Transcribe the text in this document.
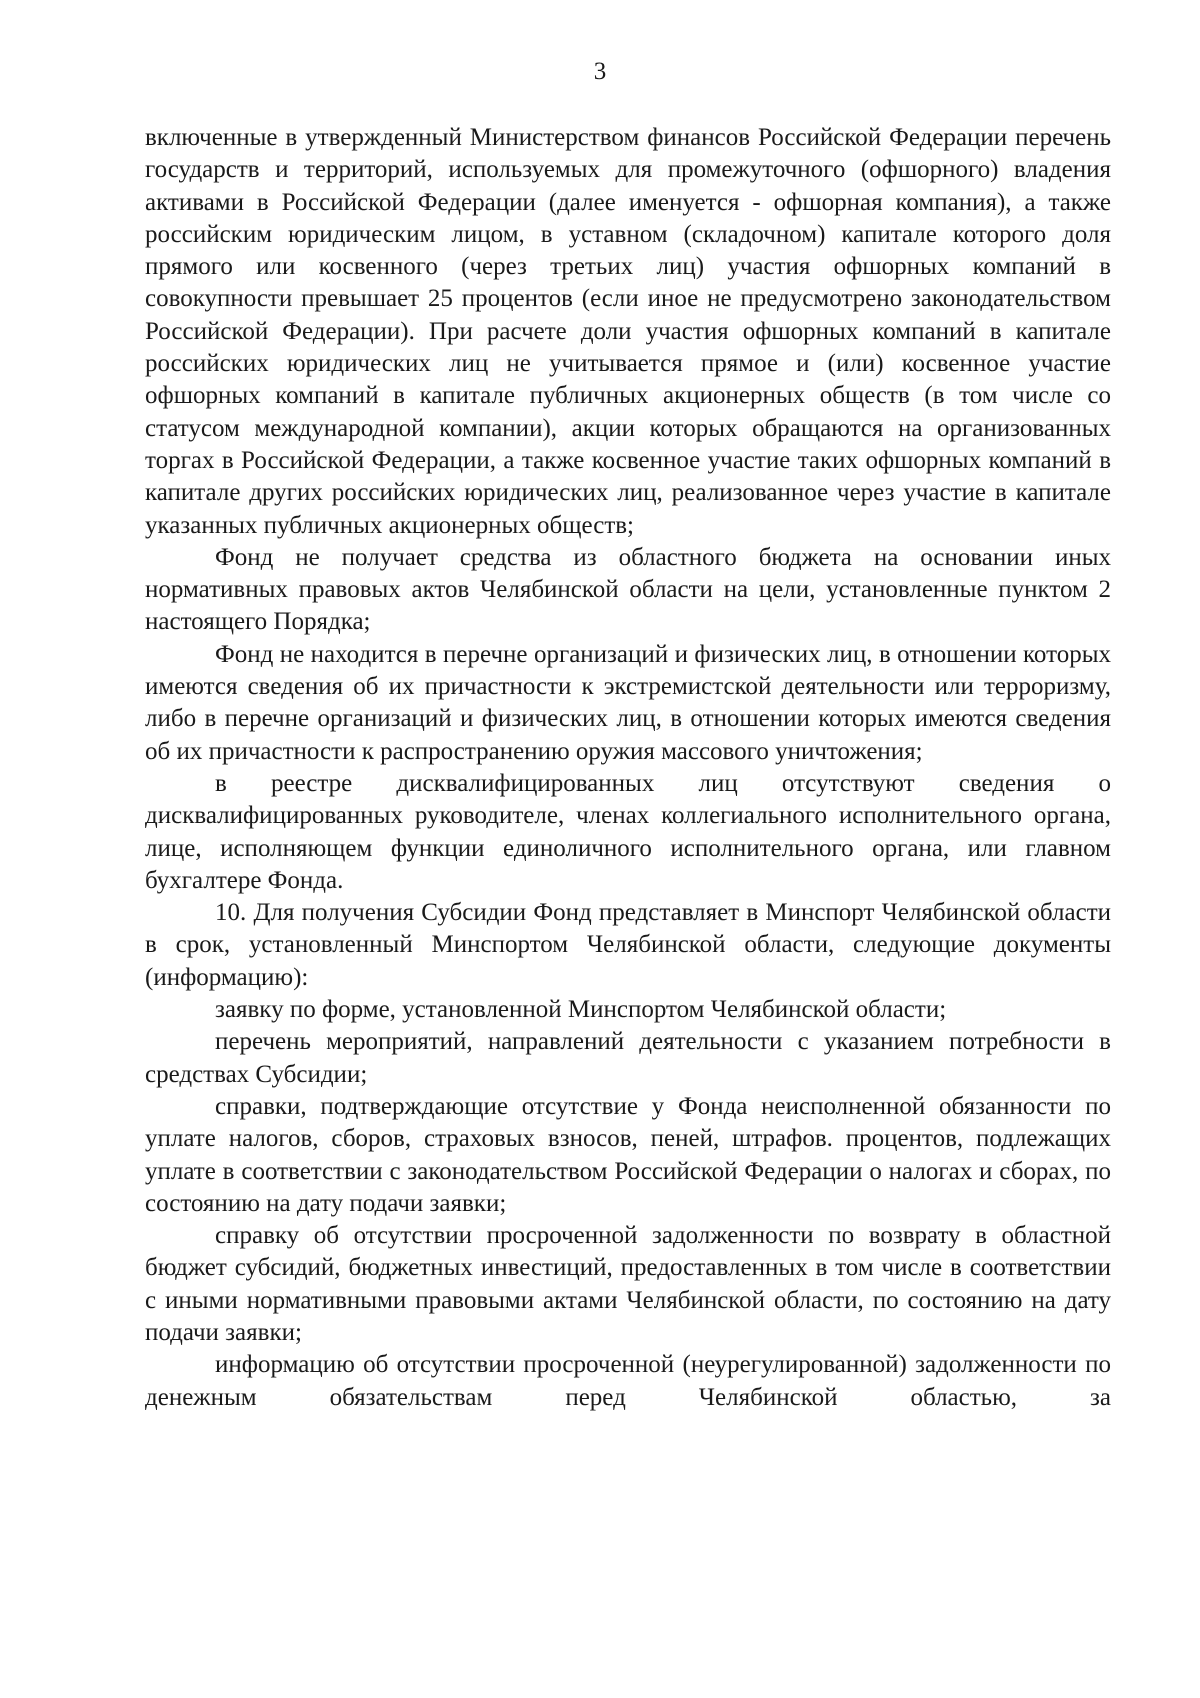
3

включенные в утвержденный Министерством финансов Российской Федерации перечень государств и территорий, используемых для промежуточного (офшорного) владения активами в Российской Федерации (далее именуется - офшорная компания), а также российским юридическим лицом, в уставном (складочном) капитале которого доля прямого или косвенного (через третьих лиц) участия офшорных компаний в совокупности превышает 25 процентов (если иное не предусмотрено законодательством Российской Федерации). При расчете доли участия офшорных компаний в капитале российских юридических лиц не учитывается прямое и (или) косвенное участие офшорных компаний в капитале публичных акционерных обществ (в том числе со статусом международной компании), акции которых обращаются на организованных торгах в Российской Федерации, а также косвенное участие таких офшорных компаний в капитале других российских юридических лиц, реализованное через участие в капитале указанных публичных акционерных обществ;

Фонд не получает средства из областного бюджета на основании иных нормативных правовых актов Челябинской области на цели, установленные пунктом 2 настоящего Порядка;

Фонд не находится в перечне организаций и физических лиц, в отношении которых имеются сведения об их причастности к экстремистской деятельности или терроризму, либо в перечне организаций и физических лиц, в отношении которых имеются сведения об их причастности к распространению оружия массового уничтожения;

в реестре дисквалифицированных лиц отсутствуют сведения о дисквалифицированных руководителе, членах коллегиального исполнительного органа, лице, исполняющем функции единоличного исполнительного органа, или главном бухгалтере Фонда.

10. Для получения Субсидии Фонд представляет в Минспорт Челябинской области в срок, установленный Минспортом Челябинской области, следующие документы (информацию):

заявку по форме, установленной Минспортом Челябинской области;

перечень мероприятий, направлений деятельности с указанием потребности в средствах Субсидии;

справки, подтверждающие отсутствие у Фонда неисполненной обязанности по уплате налогов, сборов, страховых взносов, пеней, штрафов. процентов, подлежащих уплате в соответствии с законодательством Российской Федерации о налогах и сборах, по состоянию на дату подачи заявки;

справку об отсутствии просроченной задолженности по возврату в областной бюджет субсидий, бюджетных инвестиций, предоставленных в том числе в соответствии с иными нормативными правовыми актами Челябинской области, по состоянию на дату подачи заявки;

информацию об отсутствии просроченной (неурегулированной) задолженности по денежным обязательствам перед Челябинской областью, за
